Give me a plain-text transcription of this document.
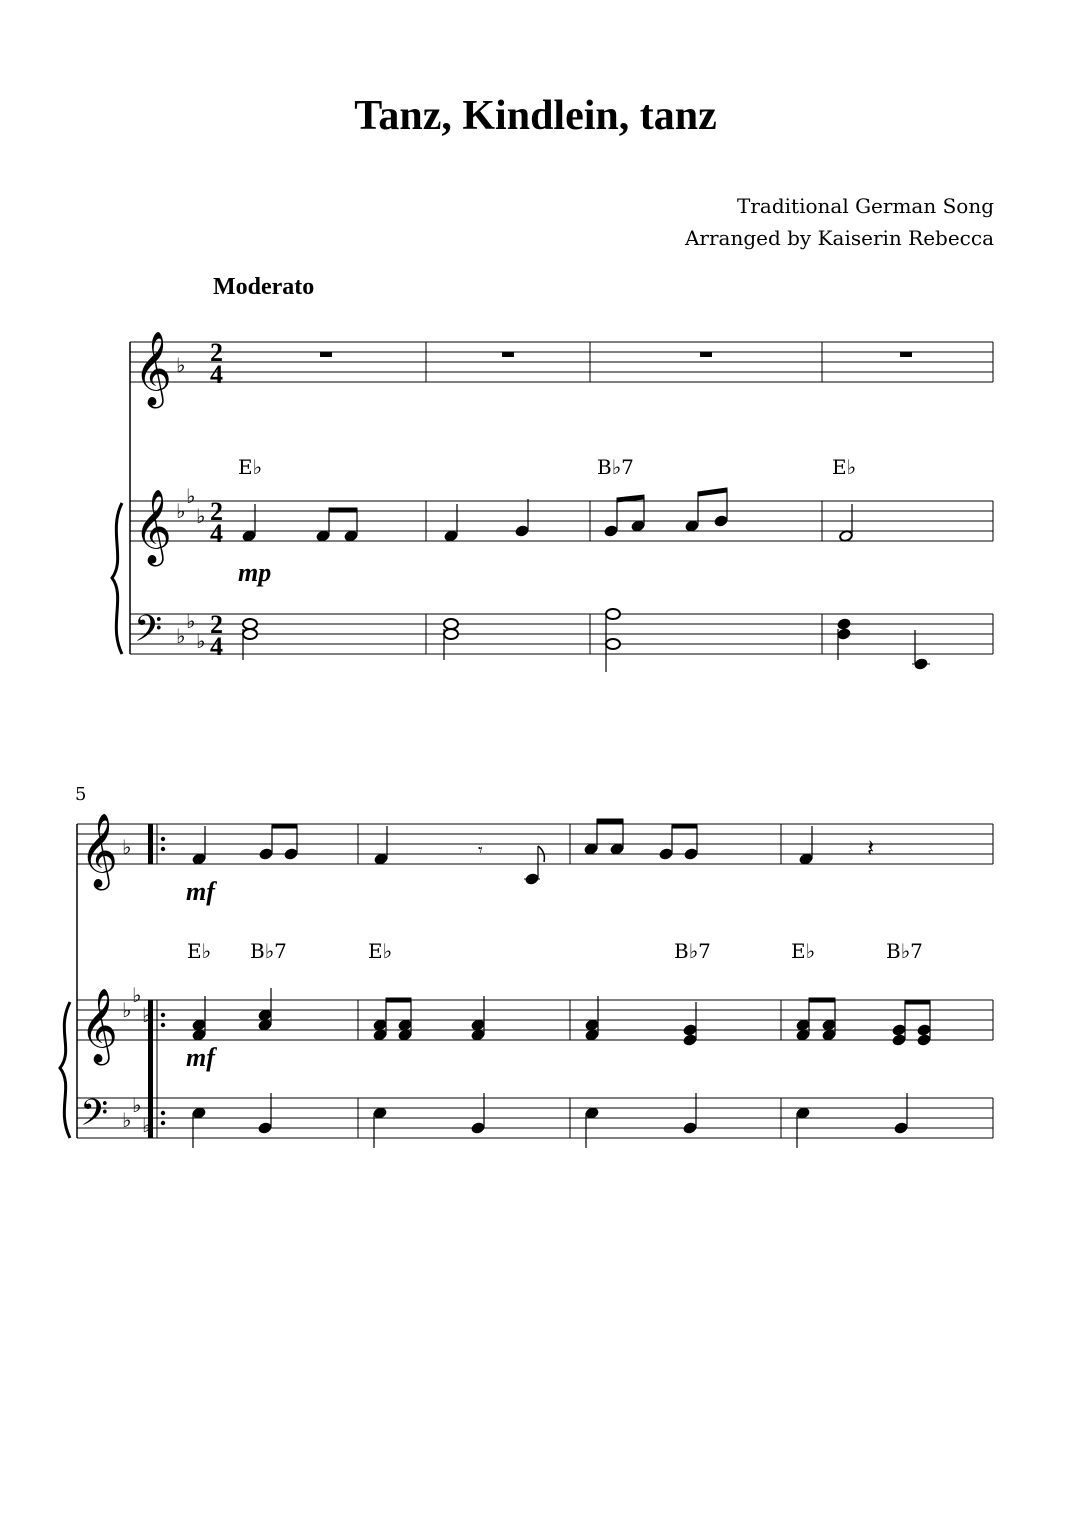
Tanz, Kindlein, tanz
Traditional German Song
Arranged by Kaiserin Rebecca
Moderato
𝄞
𝄞
𝄢
♭
♭
♭
♭
♭
♭
♭
2
4
2
4
2
4
E♭	B♭7	E♭
mp
5
𝄞
𝄞
𝄢
♭
♭
♭
♭
♭
♭
♭
𝄾	𝄽
mf
E♭ B♭7	E♭	B♭7	E♭	B♭7
mf
